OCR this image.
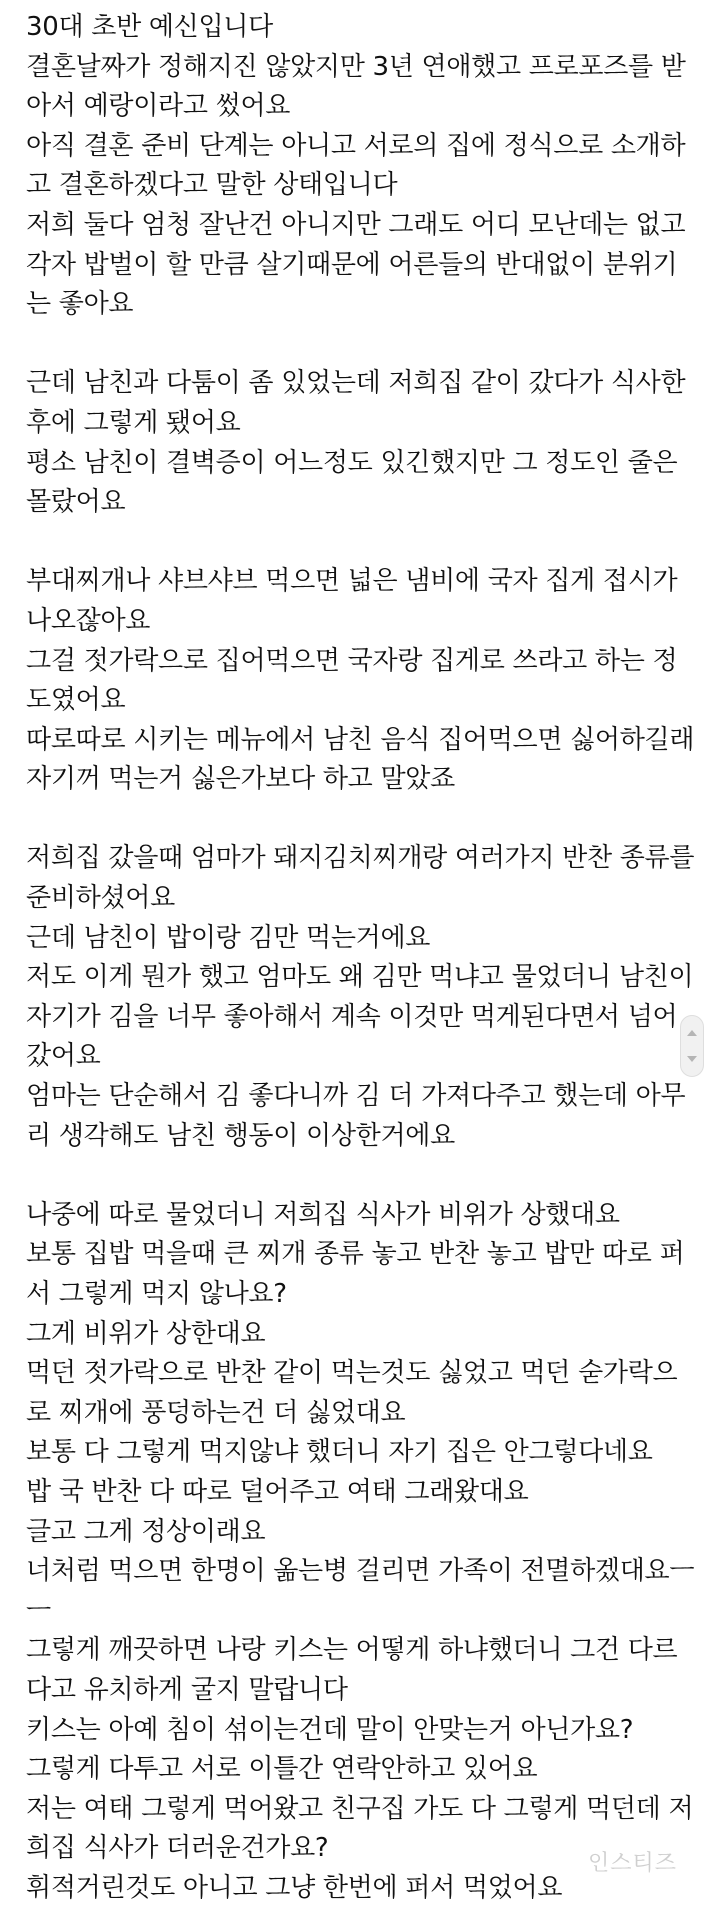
30대 초반 예신입니다
결혼날짜가 정해지진 않았지만 3년 연애했고 프로포즈를 받
아서 예랑이라고 썼어요
아직 결혼 준비 단계는 아니고 서로의 집에 정식으로 소개하
고 결혼하겠다고 말한 상태입니다
저희 둘다 엄청 잘난건 아니지만 그래도 어디 모난데는 없고
각자 밥벌이 할 만큼 살기때문에 어른들의 반대없이 분위기
는 좋아요
근데 남친과 다툼이 좀 있었는데 저희집 같이 갔다가 식사한
후에 그렇게 됐어요
평소 남친이 결벽증이 어느정도 있긴했지만 그 정도인 줄은
몰랐어요
부대찌개나 샤브샤브 먹으면 넓은 냄비에 국자 집게 접시가
나오잖아요
그걸 젓가락으로 집어먹으면 국자랑 집게로 쓰라고 하는 정
도였어요
따로따로 시키는 메뉴에서 남친 음식 집어먹으면 싫어하길래
자기꺼 먹는거 싫은가보다 하고 말았죠
저희집 갔을때 엄마가 돼지김치찌개랑 여러가지 반찬 종류를
준비하셨어요
근데 남친이 밥이랑 김만 먹는거에요
저도 이게 뭔가 했고 엄마도 왜 김만 먹냐고 물었더니 남친이
자기가 김을 너무 좋아해서 계속 이것만 먹게된다면서 넘어
갔어요
엄마는 단순해서 김 좋다니까 김 더 가져다주고 했는데 아무
리 생각해도 남친 행동이 이상한거에요
나중에 따로 물었더니 저희집 식사가 비위가 상했대요
보통 집밥 먹을때 큰 찌개 종류 놓고 반찬 놓고 밥만 따로 퍼
서 그렇게 먹지 않나요?
그게 비위가 상한대요
먹던 젓가락으로 반찬 같이 먹는것도 싫었고 먹던 숟가락으
로 찌개에 풍덩하는건 더 싫었대요
보통 다 그렇게 먹지않냐 했더니 자기 집은 안그렇다네요
밥 국 반찬 다 따로 덜어주고 여태 그래왔대요
글고 그게 정상이래요
너처럼 먹으면 한명이 옮는병 걸리면 가족이 전멸하겠대요ㅡ
ㅡ
그렇게 깨끗하면 나랑 키스는 어떻게 하냐했더니 그건 다르
다고 유치하게 굴지 말랍니다
키스는 아예 침이 섞이는건데 말이 안맞는거 아닌가요?
그렇게 다투고 서로 이틀간 연락안하고 있어요
저는 여태 그렇게 먹어왔고 친구집 가도 다 그렇게 먹던데 저
희집 식사가 더러운건가요?
휘적거린것도 아니고 그냥 한번에 퍼서 먹었어요
인스티즈
